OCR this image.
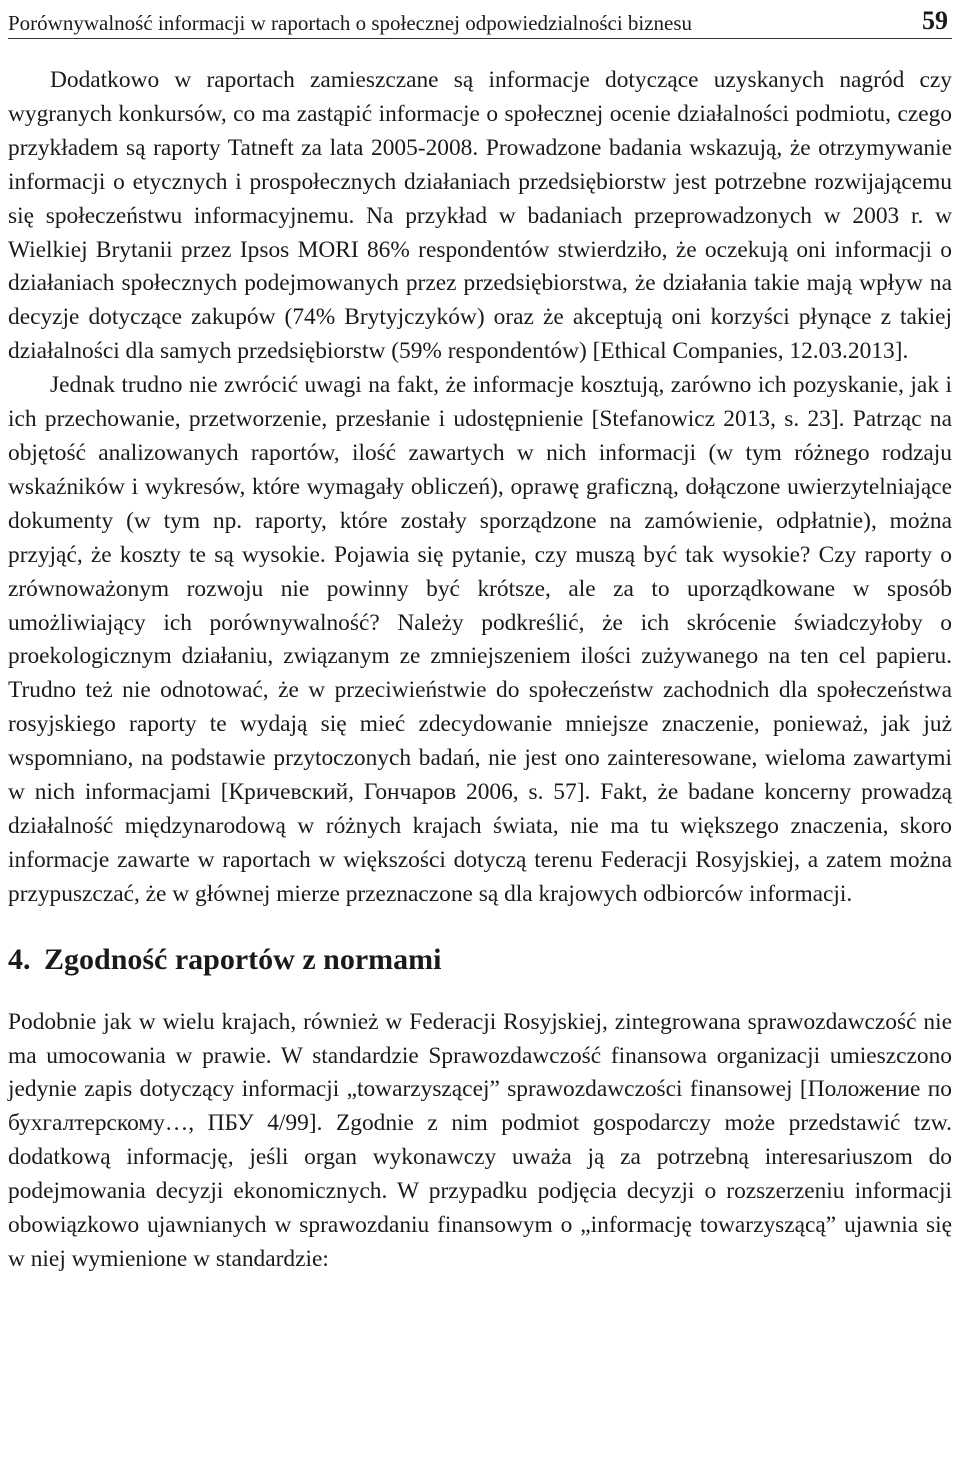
Porównywalność informacji w raportach o społecznej odpowiedzialności biznesu	59

Dodatkowo w raportach zamieszczane są informacje dotyczące uzyskanych nagród czy wygranych konkursów, co ma zastąpić informacje o społecznej ocenie działalności podmiotu, czego przykładem są raporty Tatneft za lata 2005-2008. Prowadzone badania wskazują, że otrzymywanie informacji o etycznych i prospołecznych działaniach przedsiębiorstw jest potrzebne rozwijającemu się społeczeństwu informacyjnemu. Na przykład w badaniach przeprowadzonych w 2003 r. w Wielkiej Brytanii przez Ipsos MORI 86% respondentów stwierdziło, że oczekują oni informacji o działaniach społecznych podejmowanych przez przedsiębiorstwa, że działania takie mają wpływ na decyzje dotyczące zakupów (74% Brytyjczyków) oraz że akceptują oni korzyści płynące z takiej działalności dla samych przedsiębiorstw (59% respondentów) [Ethical Companies, 12.03.2013].

Jednak trudno nie zwrócić uwagi na fakt, że informacje kosztują, zarówno ich pozyskanie, jak i ich przechowanie, przetworzenie, przesłanie i udostępnienie [Stefanowicz 2013, s. 23]. Patrząc na objętość analizowanych raportów, ilość zawartych w nich informacji (w tym różnego rodzaju wskaźników i wykresów, które wymagały obliczeń), oprawę graficzną, dołączone uwierzytelniające dokumenty (w tym np. raporty, które zostały sporządzone na zamówienie, odpłatnie), można przyjąć, że koszty te są wysokie. Pojawia się pytanie, czy muszą być tak wysokie? Czy raporty o zrównoważonym rozwoju nie powinny być krótsze, ale za to uporządkowane w sposób umożliwiający ich porównywalność? Należy podkreślić, że ich skrócenie świadczyłoby o proekologicznym działaniu, związanym ze zmniejszeniem ilości zużywanego na ten cel papieru. Trudno też nie odnotować, że w przeciwieństwie do społeczeństw zachodnich dla społeczeństwa rosyjskiego raporty te wydają się mieć zdecydowanie mniejsze znaczenie, ponieważ, jak już wspomniano, na podstawie przytoczonych badań, nie jest ono zainteresowane, wieloma zawartymi w nich informacjami [Кричевский, Гончаров 2006, s. 57]. Fakt, że badane koncerny prowadzą działalność międzynarodową w różnych krajach świata, nie ma tu większego znaczenia, skoro informacje zawarte w raportach w większości dotyczą terenu Federacji Rosyjskiej, a zatem można przypuszczać, że w głównej mierze przeznaczone są dla krajowych odbiorców informacji.

4. Zgodność raportów z normami

Podobnie jak w wielu krajach, również w Federacji Rosyjskiej, zintegrowana sprawozdawczość nie ma umocowania w prawie. W standardzie Sprawozdawczość finansowa organizacji umieszczono jedynie zapis dotyczący informacji „towarzyszącej” sprawozdawczości finansowej [Положение по бухгалтерскому…, ПБУ 4/99]. Zgodnie z nim podmiot gospodarczy może przedstawić tzw. dodatkową informację, jeśli organ wykonawczy uważa ją za potrzebną interesariuszom do podejmowania decyzji ekonomicznych. W przypadku podjęcia decyzji o rozszerzeniu informacji obowiązkowo ujawnianych w sprawozdaniu finansowym o „informację towarzyszącą” ujawnia się w niej wymienione w standardzie:
